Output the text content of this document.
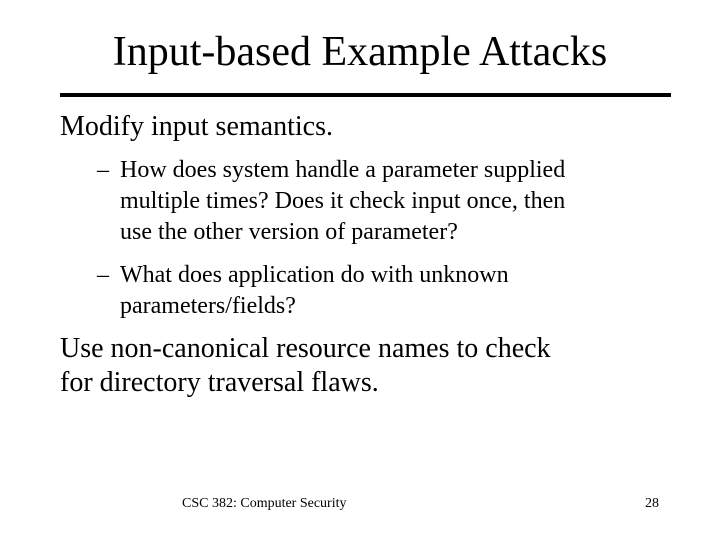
Input-based Example Attacks
Modify input semantics.
– How does system handle a parameter supplied
multiple times? Does it check input once, then
use the other version of parameter?
– What does application do with unknown
parameters/fields?
Use non-canonical resource names to check
for directory traversal flaws.
CSC 382: Computer Security	28
